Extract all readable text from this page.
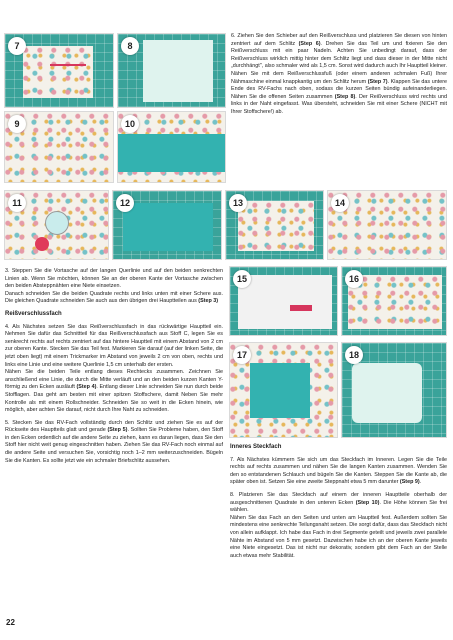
7	8
9	10

6. Ziehen Sie den Schieber auf den Reißverschluss und platzieren Sie diesen von hinten zentriert auf dem Schlitz (Step 6). Drehen Sie das Teil um und fixieren Sie den Reißverschluss mit ein paar Nadeln. Achten Sie unbedingt darauf, dass der Reißverschluss wirklich mittig hinter dem Schlitz liegt und dass dieser in der Mitte nicht „durchhängt", also schmaler wird als 1,5 cm. Sonst wird dadurch auch Ihr Hauptteil kleiner. Nähen Sie mit dem Reißverschlussfuß (oder einem anderen schmalen Fuß) Ihrer Nähmaschine einmal knappkantig um den Schlitz herum (Step 7). Klappen Sie das untere Ende des RV-Fachs nach oben, sodass die kurzen Seiten bündig aufeinanderliegen. Nähen Sie die offenen Seiten zusammen (Step 8). Der Reißverschluss wird rechts und links in der Naht eingefasst. Was übersteht, schneiden Sie mit einer Schere (NICHT mit Ihrer Stoffschere!) ab.

11	12	13	14

3. Steppen Sie die Vortasche auf der langen Querlinie und auf den beiden senkrechten Linien ab. Wenn Sie möchten, können Sie an der oberen Kante der Vortasche zwischen den beiden Absteppnähten eine Niete einsetzen.
Danach schneiden Sie die beiden Quadrate rechts und links unten mit einer Schere aus. Die gleichen Quadrate schneiden Sie auch aus den übrigen drei Hauptteilen aus (Step 3)

Reißverschlussfach

4. Als Nächstes setzen Sie das Reißverschlussfach in das rückwärtige Hauptteil ein. Nehmen Sie dafür das Schnittteil für das Reißverschlussfach aus Stoff C, legen Sie es senkrecht rechts auf rechts zentriert auf das hintere Hauptteil mit einem Abstand von 2 cm zur oberen Kante. Stecken Sie das Teil fest. Markieren Sie darauf (auf der linken Seite, die jetzt oben liegt) mit einem Trickmarker im Abstand von jeweils 2 cm von oben, rechts und links eine Linie und eine weitere Querlinie 1,5 cm unterhalb der ersten.
Nähen Sie die beiden Teile entlang dieses Rechtecks zusammen. Zeichnen Sie anschließend eine Linie, die durch die Mitte verläuft und an den beiden kurzen Kanten Y-förmig zu den Ecken ausläuft (Step 4). Entlang dieser Linie schneiden Sie nun durch beide Stofflagen. Das geht am besten mit einer spitzen Stoffschere, damit Neben Sie mehr Kontrolle als mit einem Rollschneider. Schneiden Sie so weit in die Ecken hinein, wie möglich, aber achten Sie darauf, nicht durch Ihre Naht zu schneiden.

5. Stecken Sie das RV-Fach vollständig durch den Schlitz und ziehen Sie es auf der Rückseite des Hauptteils glatt und gerade (Step 5). Sollten Sie Probleme haben, den Stoff in den Ecken ordentlich auf die andere Seite zu ziehen, kann es daran liegen, dass Sie den Stoff hier nicht weit genug eingeschnitten haben. Ziehen Sie das RV-Fach noch einmal auf die andere Seite und versuchen Sie, vorsichtig noch 1–2 mm weiterzuschneiden. Bügeln Sie die Kanten. Es sollte jetzt wie ein schmaler Briefschlitz aussehen.

15	16
17	18

Inneres Steckfach

7. Als Nächstes kümmern Sie sich um das Steckfach im Inneren. Legen Sie die Teile rechts auf rechts zusammen und nähen Sie die langen Kanten zusammen. Wenden Sie den so entstandenen Schlauch und bügeln Sie die Kanten. Steppen Sie die Kante ab, die später oben ist. Setzen Sie eine zweite Steppnaht etwa 5 mm darunter (Step 9).

8. Platzieren Sie das Steckfach auf einem der inneren Hauptteile oberhalb der ausgeschnittenen Quadrate in den unteren Ecken (Step 10). Die Höhe können Sie frei wählen.
Nähen Sie das Fach an den Seiten und unten am Hauptteil fest. Außerdem sollten Sie mindestens eine senkrechte Teilungsnaht setzen. Die sorgt dafür, dass das Steckfach nicht von allein aufklappt. Ich habe das Fach in drei Segmente geteilt und jeweils zwei parallele Nähte im Abstand von 5 mm gesetzt. Dazwischen habe ich an der oberen Kante jeweils eine Niete eingesetzt. Das ist nicht nur dekorativ, sondern gibt dem Fach an der Stelle auch etwas mehr Stabilität.

22
